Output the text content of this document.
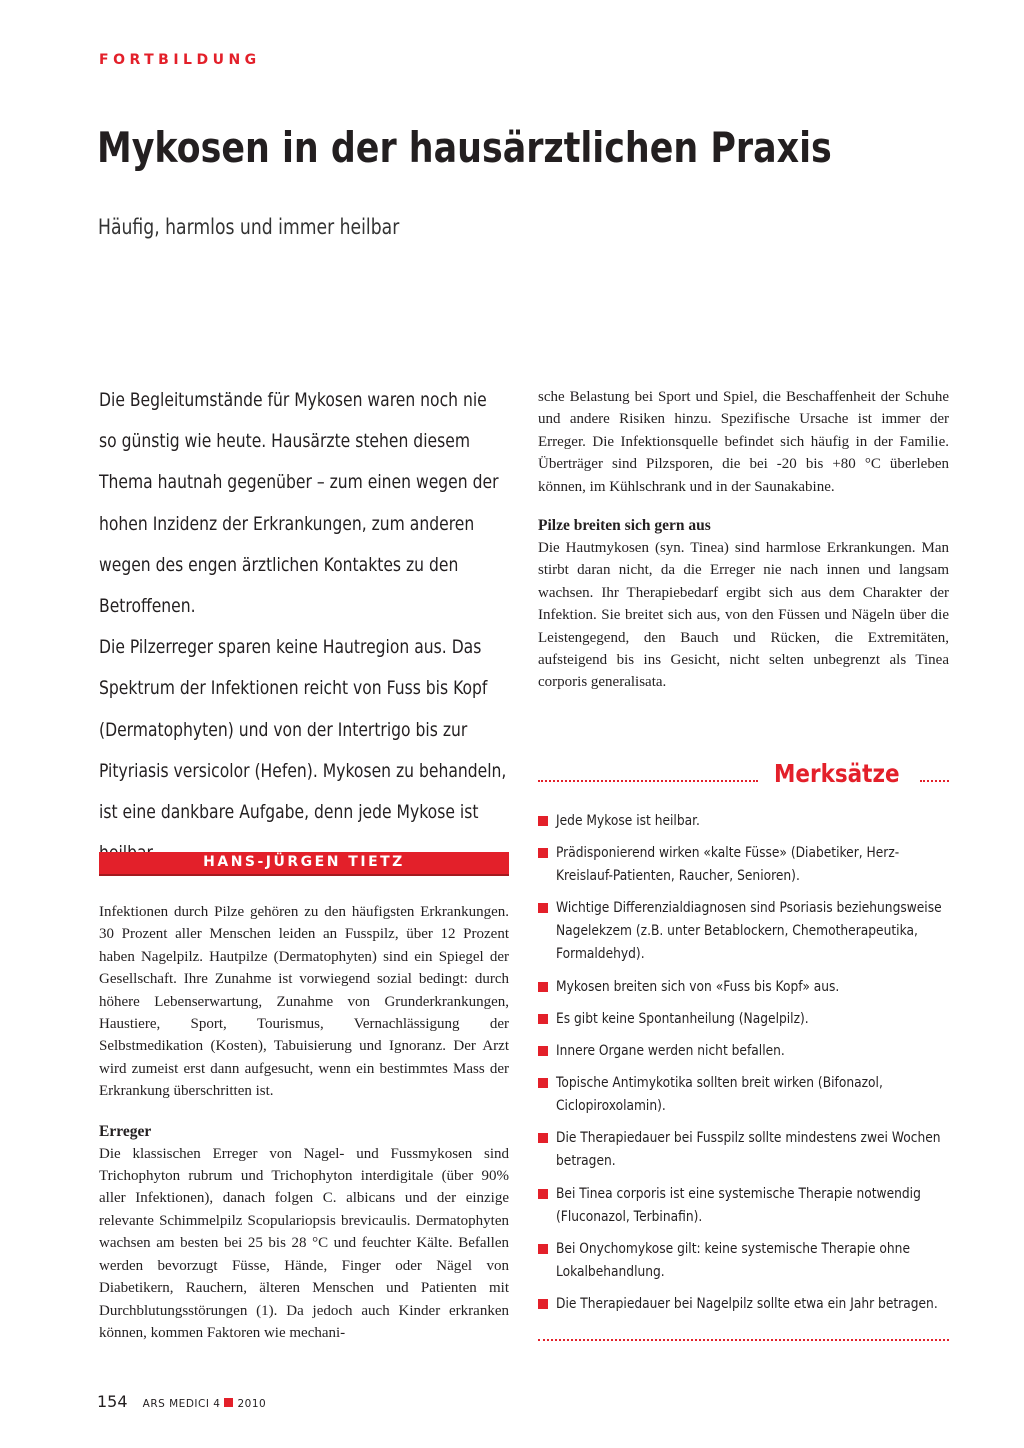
FORTBILDUNG
Mykosen in der hausärztlichen Praxis
Häufig, harmlos und immer heilbar

Die Begleitumstände für Mykosen waren noch nie so günstig wie heute. Hausärzte stehen diesem Thema hautnah gegenüber – zum einen wegen der hohen Inzidenz der Erkrankungen, zum anderen wegen des engen ärztlichen Kontaktes zu den Betroffenen.

Die Pilzerreger sparen keine Hautregion aus. Das Spektrum der Infektionen reicht von Fuss bis Kopf (Dermatophyten) und von der Intertrigo bis zur Pityriasis versicolor (Hefen). Mykosen zu behandeln, ist eine dankbare Aufgabe, denn jede Mykose ist

HANS-JÜRGEN TIETZ

Infektionen durch Pilze gehören zu den häufigsten Erkrankungen. 30 Prozent aller Menschen leiden an Fusspilz, über 12 Prozent haben Nagelpilz. Hautpilze (Dermatophyten) sind ein Spiegel der Gesellschaft. Ihre Zunahme ist vorwiegend sozial bedingt: durch höhere Lebenserwartung, Zunahme von Grunderkrankungen, Haustiere, Sport, Tourismus, Vernachlässigung der Selbstmedikation (Kosten), Tabuisierung und Ignoranz. Der Arzt wird zumeist erst dann aufgesucht, wenn ein bestimmtes Mass der Erkrankung überschritten ist.

Erreger

Die klassischen Erreger von Nagel- und Fussmykosen sind Trichophyton rubrum und Trichophyton interdigitale (über 90% aller Infektionen), danach folgen C. albicans und der einzige relevante Schimmelpilz Scopulariopsis brevicaulis. Dermatophyten wachsen am besten bei 25 bis 28 °C und feuchter Kälte. Befallen werden bevorzugt Füsse, Hände, Finger oder Nägel von Diabetikern, Rauchern, älteren Menschen und Patienten mit Durchblutungsstörungen (1). Da jedoch auch Kinder erkranken können, kommen Faktoren wie mechani-

sche Belastung bei Sport und Spiel, die Beschaffenheit der Schuhe und andere Risiken hinzu. Spezifische Ursache ist immer der Erreger. Die Infektionsquelle befindet sich häufig in der Familie. Überträger sind Pilzsporen, die bei -20 bis +80 °C überleben können, im Kühlschrank und in der Saunakabine.

Pilze breiten sich gern aus

Die Hautmykosen (syn. Tinea) sind harmlose Erkrankungen. Man stirbt daran nicht, da die Erreger nie nach innen und langsam wachsen. Ihr Therapiebedarf ergibt sich aus dem Charakter der Infektion. Sie breitet sich aus, von den Füssen und Nägeln über die Leistengegend, den Bauch und Rücken, die Extremitäten, aufsteigend bis ins Gesicht, nicht selten unbegrenzt als Tinea corporis generalisata.

Merksätze
Jede Mykose ist heilbar.
Prädisponierend wirken «kalte Füsse» (Diabetiker, Herz-Kreislauf-Patienten, Raucher, Senioren).
Wichtige Differenzialdiagnosen sind Psoriasis beziehungsweise Nagelekzem (z.B. unter Betablockern, Chemotherapeutika, Formaldehyd).
Mykosen breiten sich von «Fuss bis Kopf» aus.
Es gibt keine Spontanheilung (Nagelpilz).
Innere Organe werden nicht befallen.
Topische Antimykotika sollten breit wirken (Bifonazol, Ciclopiroxolamin).
Die Therapiedauer bei Fusspilz sollte mindestens zwei Wochen betragen.
Bei Tinea corporis ist eine systemische Therapie notwendig (Fluconazol, Terbinafin).
Bei Onychomykose gilt: keine systemische Therapie ohne Lokalbehandlung.
Die Therapiedauer bei Nagelpilz sollte etwa ein Jahr betragen.
154 ARS MEDICI 4 2010
